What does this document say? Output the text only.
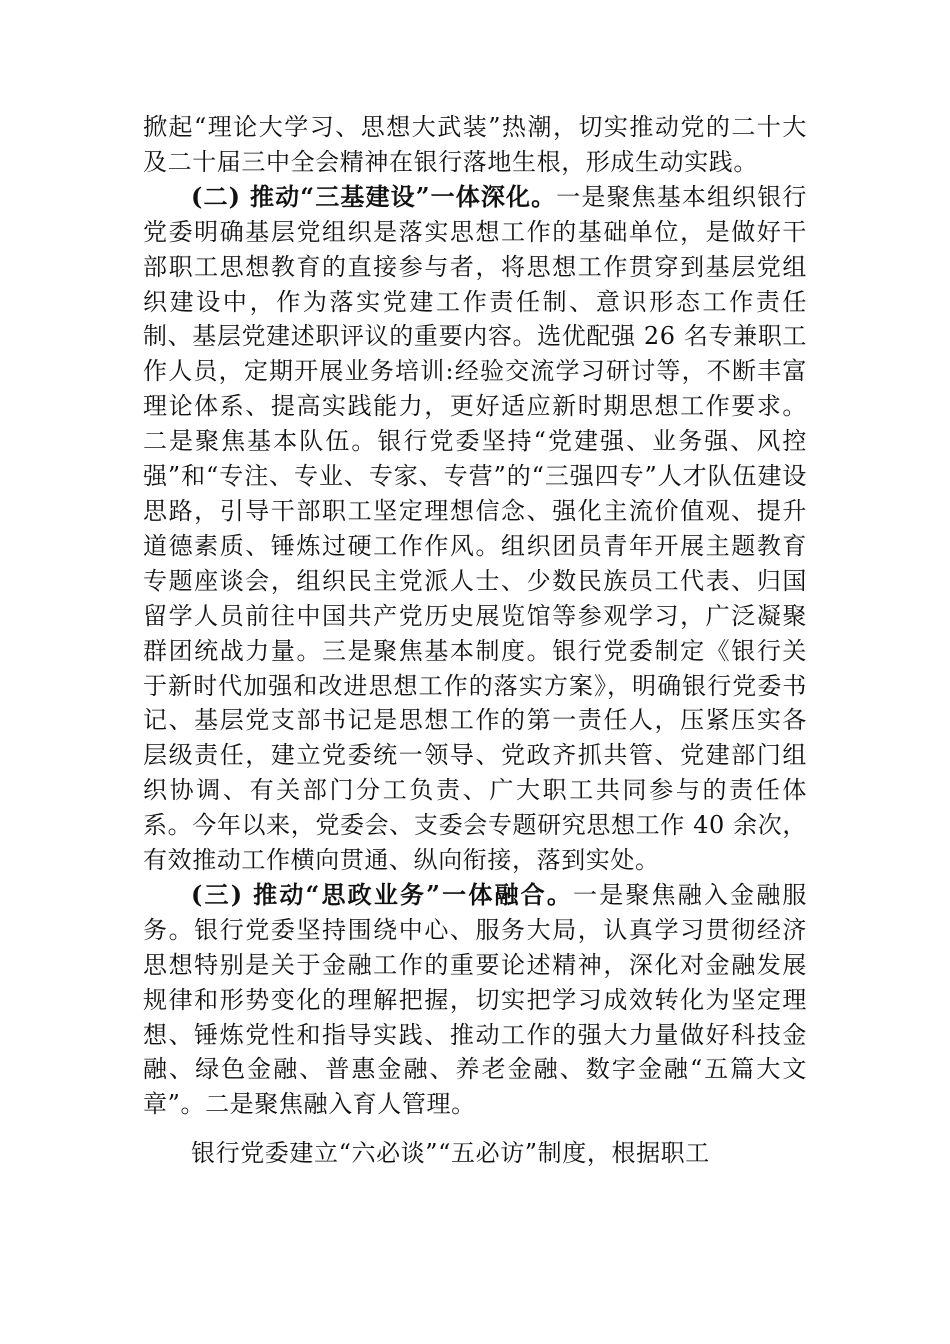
掀起“理论大学习、思想大武装”热潮，切实推动党的二十大及二十届三中全会精神在银行落地生根，形成生动实践。

(二) 推动“三基建设”一体深化。一是聚焦基本组织银行党委明确基层党组织是落实思想工作的基础单位，是做好干部职工思想教育的直接参与者，将思想工作贯穿到基层党组织建设中，作为落实党建工作责任制、意识形态工作责任制、基层党建述职评议的重要内容。选优配强 26 名专兼职工作人员，定期开展业务培训:经验交流学习研讨等，不断丰富理论体系、提高实践能力，更好适应新时期思想工作要求。二是聚焦基本队伍。银行党委坚持“党建强、业务强、风控强”和“专注、专业、专家、专营”的“三强四专”人才队伍建设思路，引导干部职工坚定理想信念、强化主流价值观、提升道德素质、锤炼过硬工作作风。组织团员青年开展主题教育专题座谈会，组织民主党派人士、少数民族员工代表、归国留学人员前往中国共产党历史展览馆等参观学习，广泛凝聚群团统战力量。三是聚焦基本制度。银行党委制定《银行关于新时代加强和改进思想工作的落实方案》，明确银行党委书记、基层党支部书记是思想工作的第一责任人，压紧压实各层级责任，建立党委统一领导、党政齐抓共管、党建部门组织协调、有关部门分工负责、广大职工共同参与的责任体系。今年以来，党委会、支委会专题研究思想工作 40 余次，有效推动工作横向贯通、纵向衔接，落到实处。

(三) 推动“思政业务”一体融合。一是聚焦融入金融服务。银行党委坚持围绕中心、服务大局，认真学习贯彻经济思想特别是关于金融工作的重要论述精神，深化对金融发展规律和形势变化的理解把握，切实把学习成效转化为坚定理想、锤炼党性和指导实践、推动工作的强大力量做好科技金融、绿色金融、普惠金融、养老金融、数字金融“五篇大文章”。二是聚焦融入育人管理。

银行党委建立“六必谈”“五必访”制度，根据职工
